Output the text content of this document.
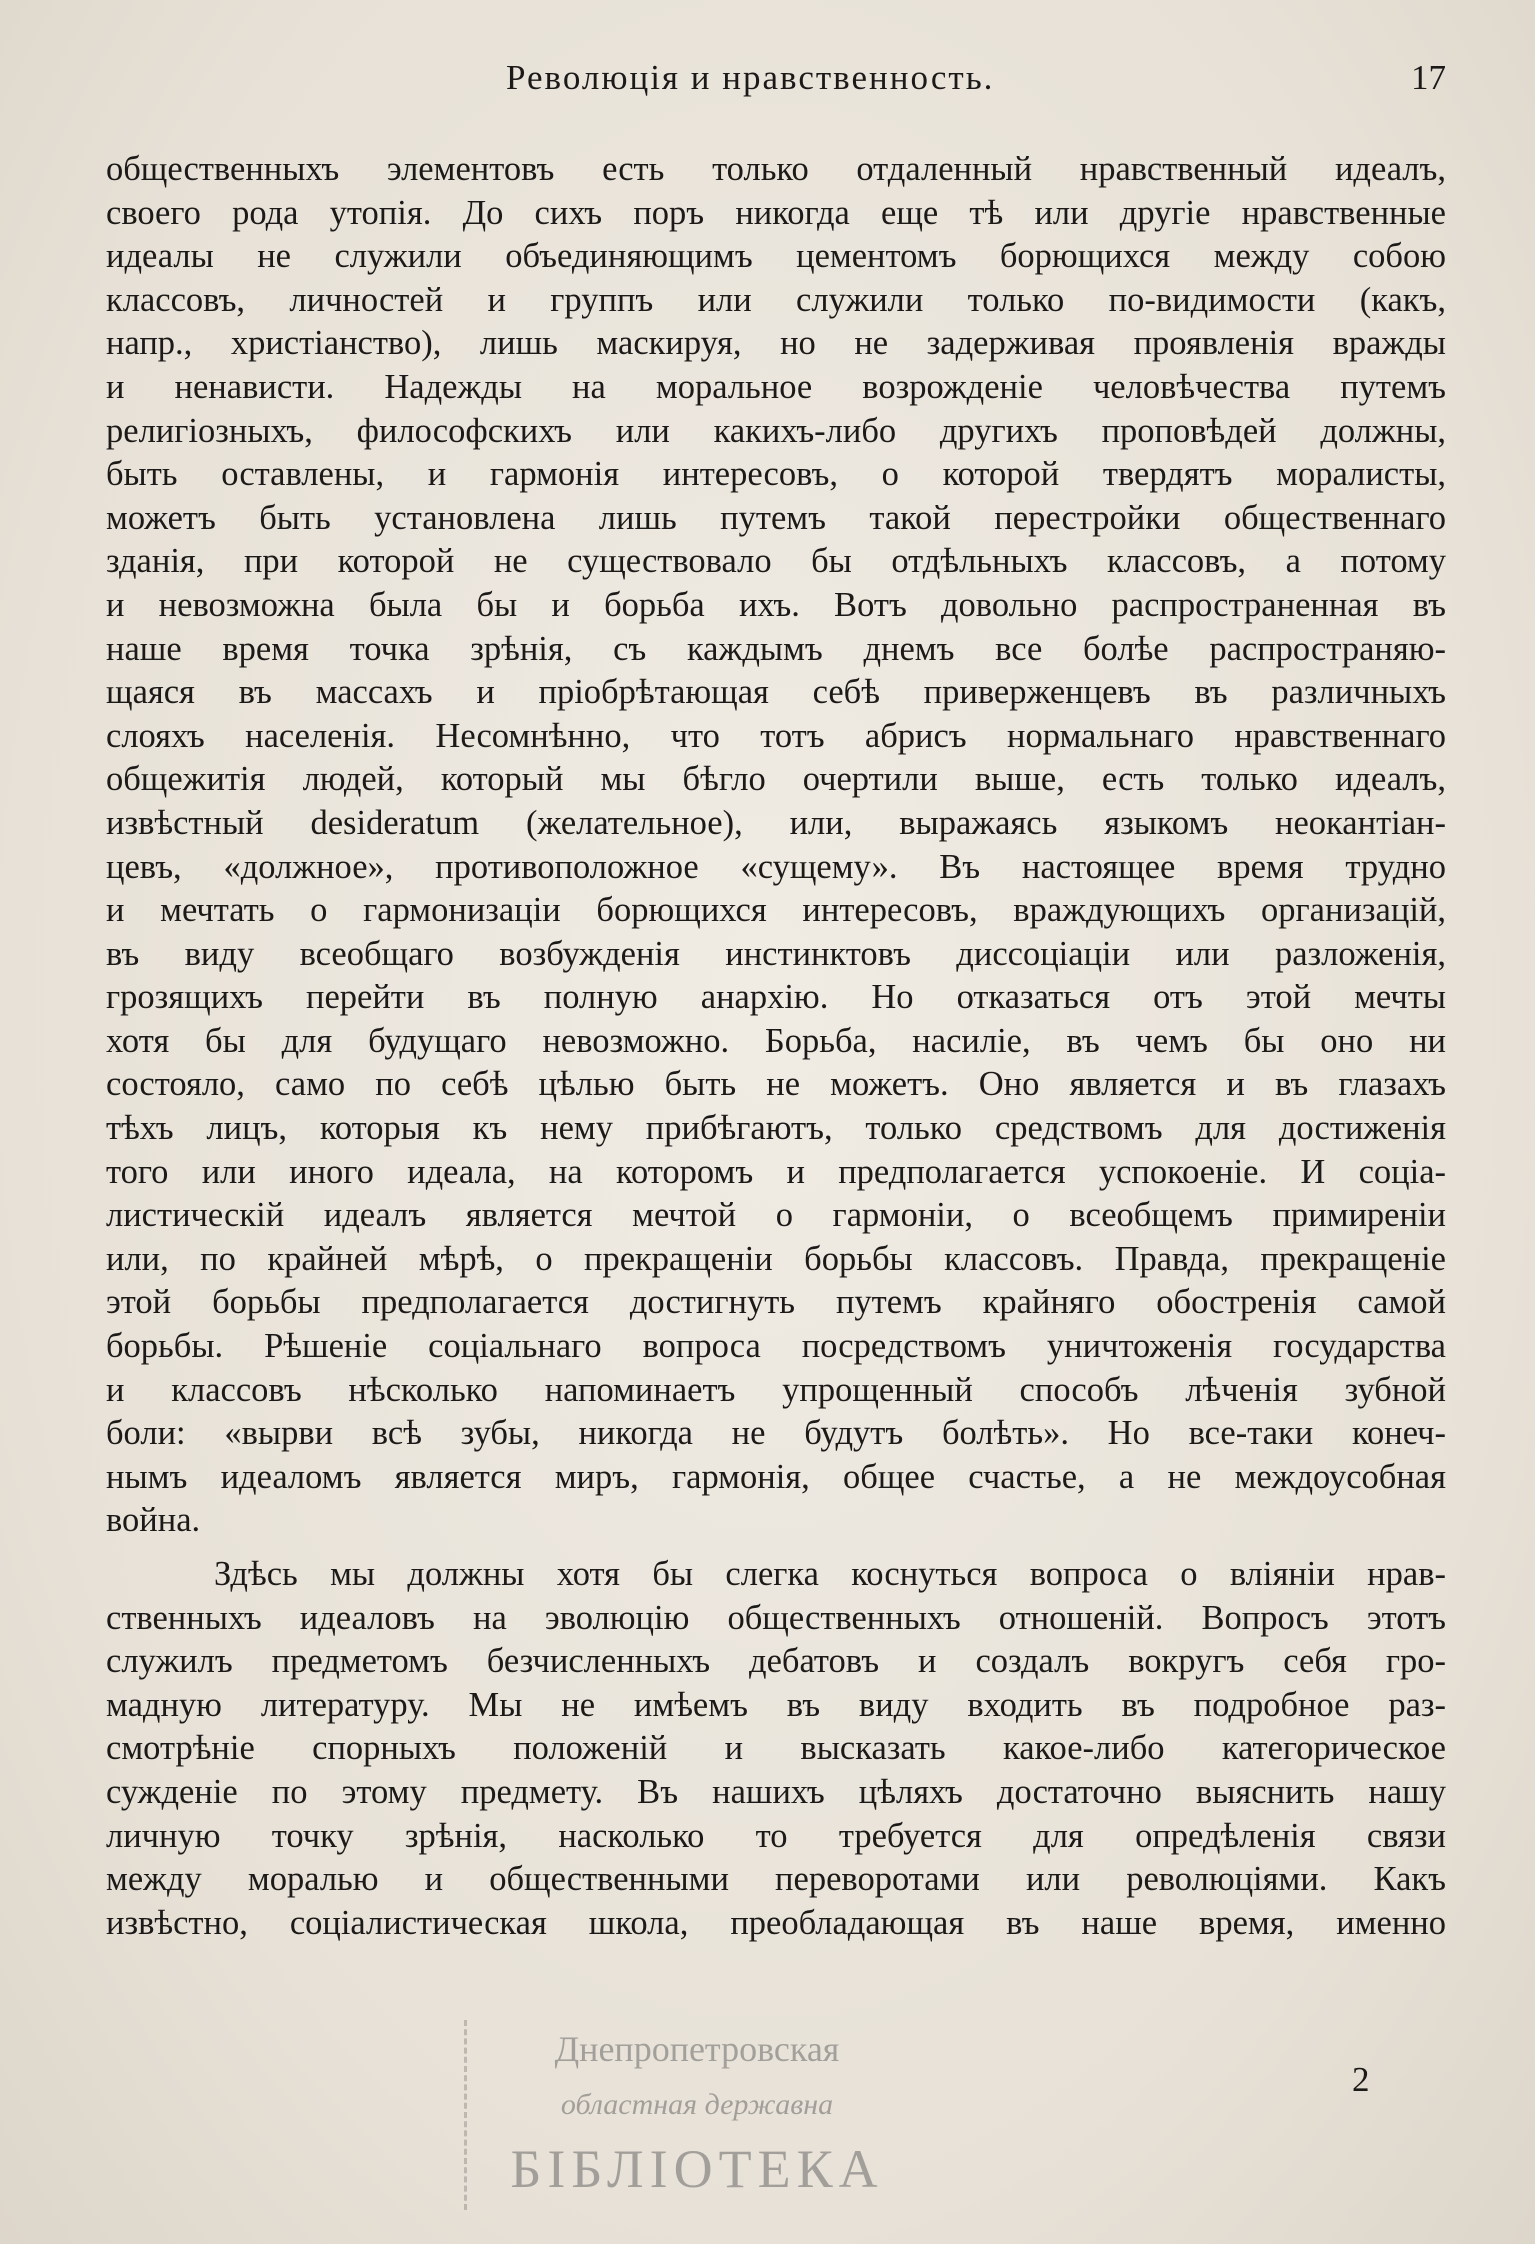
Революція и нравственность.	17
общественныхъ элементовъ есть только отдаленный нравственный идеалъ,
своего рода утопія. До сихъ поръ никогда еще тѣ или другіе нравственные
идеалы не служили объединяющимъ цементомъ борющихся между собою
классовъ, личностей и группъ или служили только по-видимости (какъ,
напр., христіанство), лишь маскируя, но не задерживая проявленія вражды
и ненависти. Надежды на моральное возрожденіе человѣчества путемъ
религіозныхъ, философскихъ или какихъ-либо другихъ проповѣдей должны,
быть оставлены, и гармонія интересовъ, о которой твердятъ моралисты,
можетъ быть установлена лишь путемъ такой перестройки общественнаго
зданія, при которой не существовало бы отдѣльныхъ классовъ, а потому
и невозможна была бы и борьба ихъ. Вотъ довольно распространенная въ
наше время точка зрѣнія, съ каждымъ днемъ все болѣе распространяю-
щаяся въ массахъ и пріобрѣтающая себѣ приверженцевъ въ различныхъ
слояхъ населенія. Несомнѣнно, что тотъ абрисъ нормальнаго нравственнаго
общежитія людей, который мы бѣгло очертили выше, есть только идеалъ,
извѣстный desideratum (желательное), или, выражаясь языкомъ неокантіан-
цевъ, «должное», противоположное «сущему». Въ настоящее время трудно
и мечтать о гармонизаціи борющихся интересовъ, враждующихъ организацій,
въ виду всеобщаго возбужденія инстинктовъ диссоціаціи или разложенія,
грозящихъ перейти въ полную анархію. Но отказаться отъ этой мечты
хотя бы для будущаго невозможно. Борьба, насиліе, въ чемъ бы оно ни
состояло, само по себѣ цѣлью быть не можетъ. Оно является и въ глазахъ
тѣхъ лицъ, которыя къ нему прибѣгаютъ, только средствомъ для достиженія
того или иного идеала, на которомъ и предполагается успокоеніе. И соціа-
листическій идеалъ является мечтой о гармоніи, о всеобщемъ примиреніи
или, по крайней мѣрѣ, о прекращеніи борьбы классовъ. Правда, прекращеніе
этой борьбы предполагается достигнуть путемъ крайняго обостренія самой
борьбы. Рѣшеніе соціальнаго вопроса посредствомъ уничтоженія государства
и классовъ нѣсколько напоминаетъ упрощенный способъ лѣченія зубной
боли: «вырви всѣ зубы, никогда не будутъ болѣть». Но все-таки конеч-
нымъ идеаломъ является миръ, гармонія, общее счастье, а не междоусобная
война.
Здѣсь мы должны хотя бы слегка коснуться вопроса о вліяніи нрав-
ственныхъ идеаловъ на эволюцію общественныхъ отношеній. Вопросъ этотъ
служилъ предметомъ безчисленныхъ дебатовъ и создалъ вокругъ себя гро-
мадную литературу. Мы не имѣемъ въ виду входить въ подробное раз-
смотрѣніе спорныхъ положеній и высказать какое-либо категорическое
сужденіе по этому предмету. Въ нашихъ цѣляхъ достаточно выяснить нашу
личную точку зрѣнія, насколько то требуется для опредѣленія связи
между моралью и общественными переворотами или революціями. Какъ
извѣстно, соціалистическая школа, преобладающая въ наше время, именно
Днепропетровская
областная державна
БІБЛІОТЕКА
2
